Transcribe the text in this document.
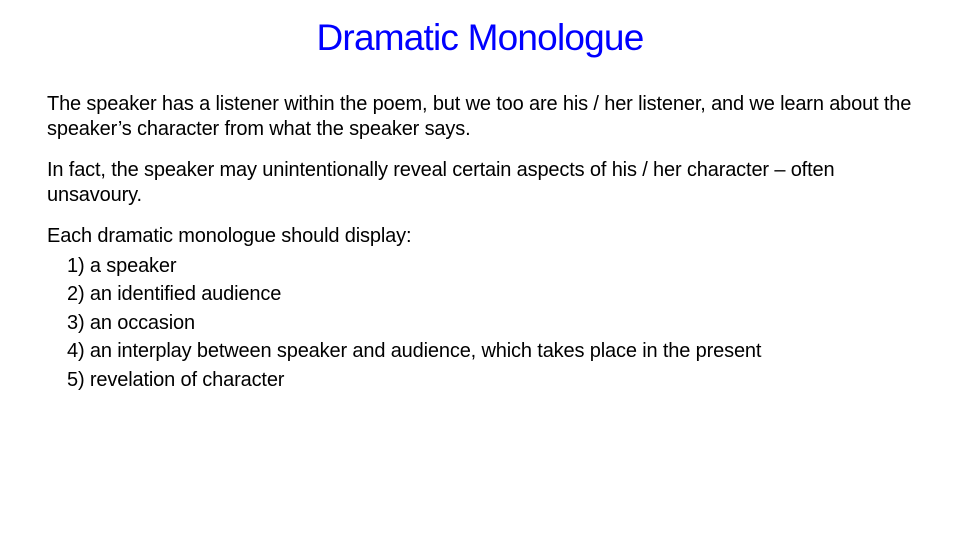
Dramatic Monologue

The speaker has a listener within the poem, but we too are his / her listener, and we learn about the speaker’s character from what the speaker says.

In fact, the speaker may unintentionally reveal certain aspects of his / her character – often unsavoury.

Each dramatic monologue should display:

1) a speaker
2) an identified audience
3) an occasion
4) an interplay between speaker and audience, which takes place in the present
5) revelation of character
